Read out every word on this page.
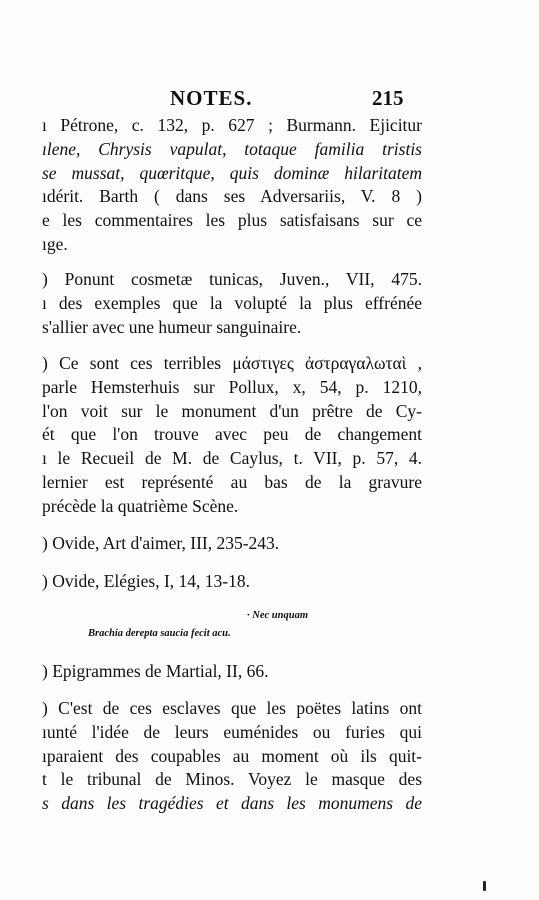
NOTES.	215
ı Pétrone, c. 132, p. 627 ; Burmann. Ejicitur
ılene, Chrysis vapulat, totaque familia tristis
se mussat, quœritque, quis dominæ hilaritatem
ıdérit. Barth ( dans ses Adversariis, V. 8 )
e les commentaires les plus satisfaisans sur ce
ıge.
) Ponunt cosmetæ tunicas, Juven., VII, 475.
ı des exemples que la volupté la plus effrénée
s'allier avec une humeur sanguinaire.
) Ce sont ces terribles μάστιγες ἀστραγαλωταὶ ,
parle Hemsterhuis sur Pollux, x, 54, p. 1210,
l'on voit sur le monument d'un prêtre de Cy-
ét que l'on trouve avec peu de changement
ı le Recueil de M. de Caylus, t. VII, p. 57, 4.
lernier est représenté au bas de la gravure
précède la quatrième Scène.
) Ovide, Art d'aimer, III, 235-243.
) Ovide, Elégies, I, 14, 13-18.
· Nec unquam
Brachia derepta saucia fecit acu.
) Epigrammes de Martial, II, 66.
) C'est de ces esclaves que les poëtes latins ont
ıunté l'idée de leurs euménides ou furies qui
ıparaient des coupables au moment où ils quit-
t le tribunal de Minos. Voyez le masque des
s dans les tragédies et dans les monumens de
